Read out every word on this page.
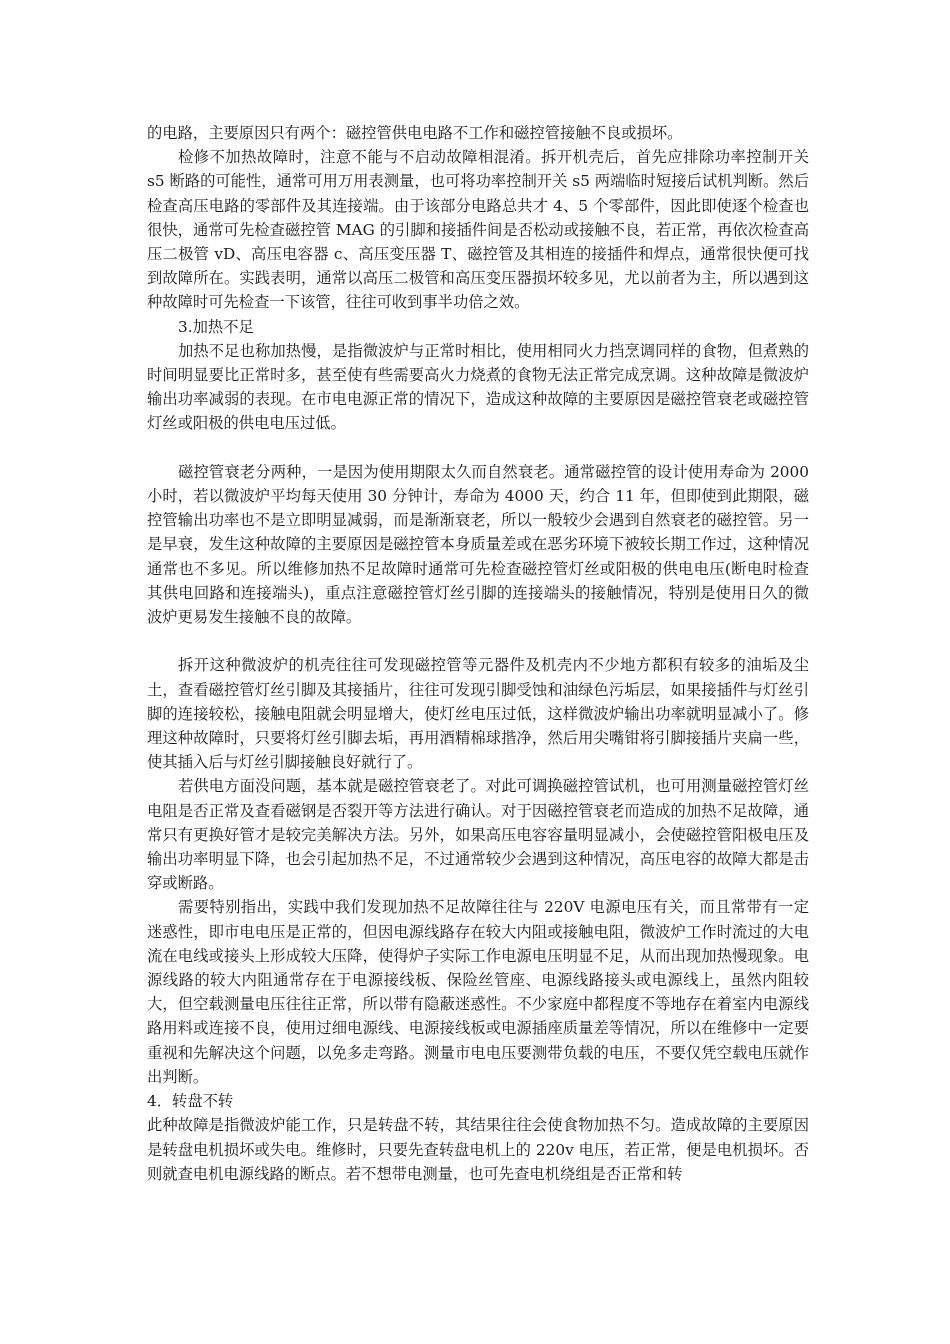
的电路，主要原因只有两个：磁控管供电电路不工作和磁控管接触不良或损坏。

检修不加热故障时，注意不能与不启动故障相混淆。拆开机壳后，首先应排除功率控制开关 s5 断路的可能性，通常可用万用表测量，也可将功率控制开关 s5 两端临时短接后试机判断。然后检查高压电路的零部件及其连接端。由于该部分电路总共才 4、5 个零部件，因此即使逐个检查也很快，通常可先检查磁控管 MAG 的引脚和接插件间是否松动或接触不良，若正常，再依次检查高压二极管 vD、高压电容器 c、高压变压器 T、磁控管及其相连的接插件和焊点，通常很快便可找到故障所在。实践表明，通常以高压二极管和高压变压器损坏较多见，尤以前者为主，所以遇到这种故障时可先检查一下该管，往往可收到事半功倍之效。

3.加热不足

加热不足也称加热慢，是指微波炉与正常时相比，使用相同火力挡烹调同样的食物，但煮熟的时间明显要比正常时多，甚至使有些需要高火力烧煮的食物无法正常完成烹调。这种故障是微波炉输出功率减弱的表现。在市电电源正常的情况下，造成这种故障的主要原因是磁控管衰老或磁控管灯丝或阳极的供电电压过低。

磁控管衰老分两种，一是因为使用期限太久而自然衰老。通常磁控管的设计使用寿命为 2000 小时，若以微波炉平均每天使用 30 分钟计，寿命为 4000 天，约合 11 年，但即使到此期限，磁控管输出功率也不是立即明显减弱，而是渐渐衰老，所以一般较少会遇到自然衰老的磁控管。另一是早衰，发生这种故障的主要原因是磁控管本身质量差或在恶劣环境下被较长期工作过，这种情况通常也不多见。所以维修加热不足故障时通常可先检查磁控管灯丝或阳极的供电电压(断电时检查其供电回路和连接端头)，重点注意磁控管灯丝引脚的连接端头的接触情况，特别是使用日久的微波炉更易发生接触不良的故障。

拆开这种微波炉的机壳往往可发现磁控管等元器件及机壳内不少地方都积有较多的油垢及尘土，查看磁控管灯丝引脚及其接插片，往往可发现引脚受蚀和油绿色污垢层，如果接插件与灯丝引脚的连接较松，接触电阻就会明显增大，使灯丝电压过低，这样微波炉输出功率就明显减小了。修理这种故障时，只要将灯丝引脚去垢，再用酒精棉球揩净，然后用尖嘴钳将引脚接插片夹扁一些，使其插入后与灯丝引脚接触良好就行了。

若供电方面没问题，基本就是磁控管衰老了。对此可调换磁控管试机，也可用测量磁控管灯丝电阻是否正常及查看磁钢是否裂开等方法进行确认。对于因磁控管衰老而造成的加热不足故障，通常只有更换好管才是较完美解决方法。另外，如果高压电容容量明显减小，会使磁控管阳极电压及输出功率明显下降，也会引起加热不足，不过通常较少会遇到这种情况，高压电容的故障大都是击穿或断路。

需要特别指出，实践中我们发现加热不足故障往往与 220V 电源电压有关，而且常带有一定迷惑性，即市电电压是正常的，但因电源线路存在较大内阻或接触电阻，微波炉工作时流过的大电流在电线或接头上形成较大压降，使得炉子实际工作电源电压明显不足，从而出现加热慢现象。电源线路的较大内阻通常存在于电源接线板、保险丝管座、电源线路接头或电源线上，虽然内阻较大，但空载测量电压往往正常，所以带有隐蔽迷惑性。不少家庭中都程度不等地存在着室内电源线路用料或连接不良，使用过细电源线、电源接线板或电源插座质量差等情况，所以在维修中一定要重视和先解决这个问题，以免多走弯路。测量市电电压要测带负载的电压，不要仅凭空载电压就作出判断。

4．转盘不转

此种故障是指微波炉能工作，只是转盘不转，其结果往往会使食物加热不匀。造成故障的主要原因是转盘电机损坏或失电。维修时，只要先查转盘电机上的 220v 电压，若正常，便是电机损坏。否则就查电机电源线路的断点。若不想带电测量，也可先查电机绕组是否正常和转
